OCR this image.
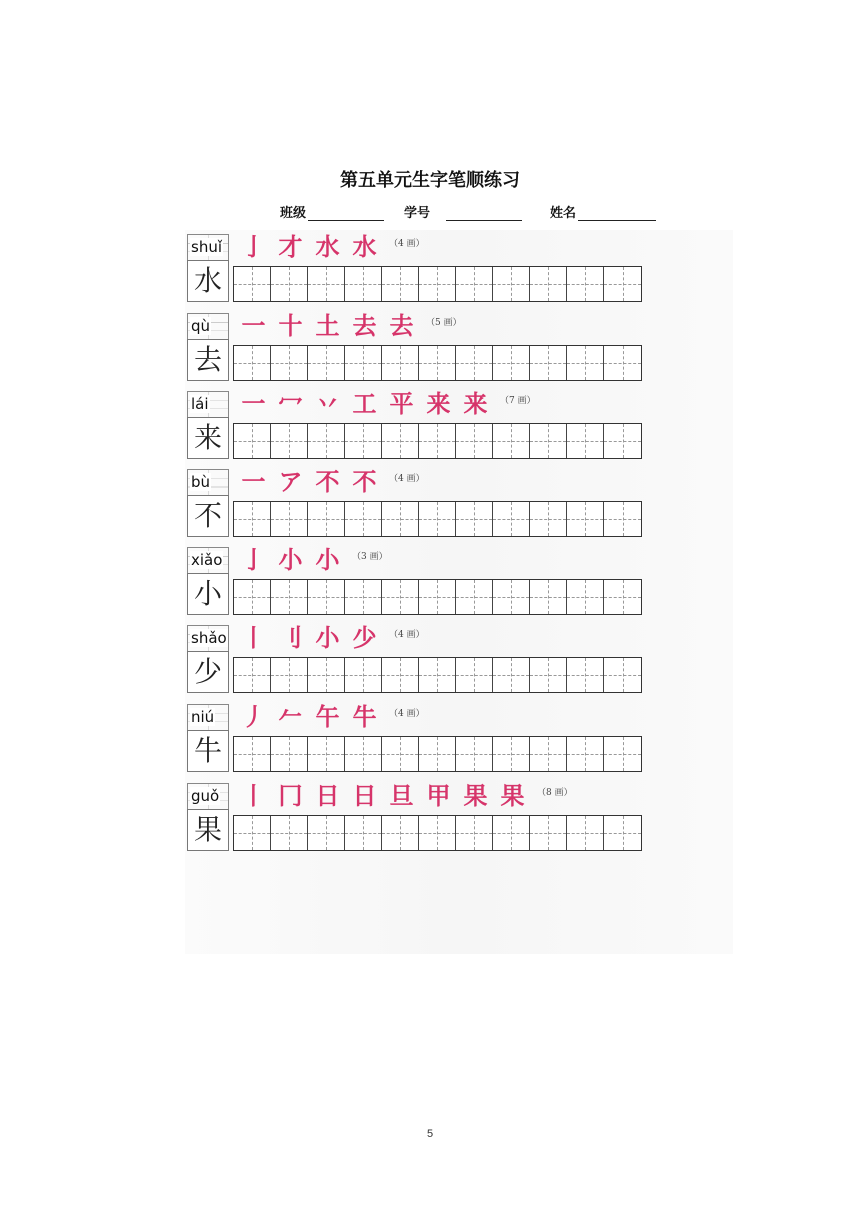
第五单元生字笔顺练习
班级	学号	姓名
shuǐ
水
亅 才 水 水 （4 画）
qù
去
一 十 土 去 去 （5 画）
lái
来
一 冖 丷 工 平 来 来 （7 画）
bù
不
一 ア 不 不 （4 画）
xiǎo
小
亅 小 小 （3 画）
shǎo
少
丨 刂 小 少 （4 画）
niú
牛
丿 𠂉 午 牛 （4 画）
guǒ
果
丨 冂 日 日 旦 甲 果 果 （8 画）
5
